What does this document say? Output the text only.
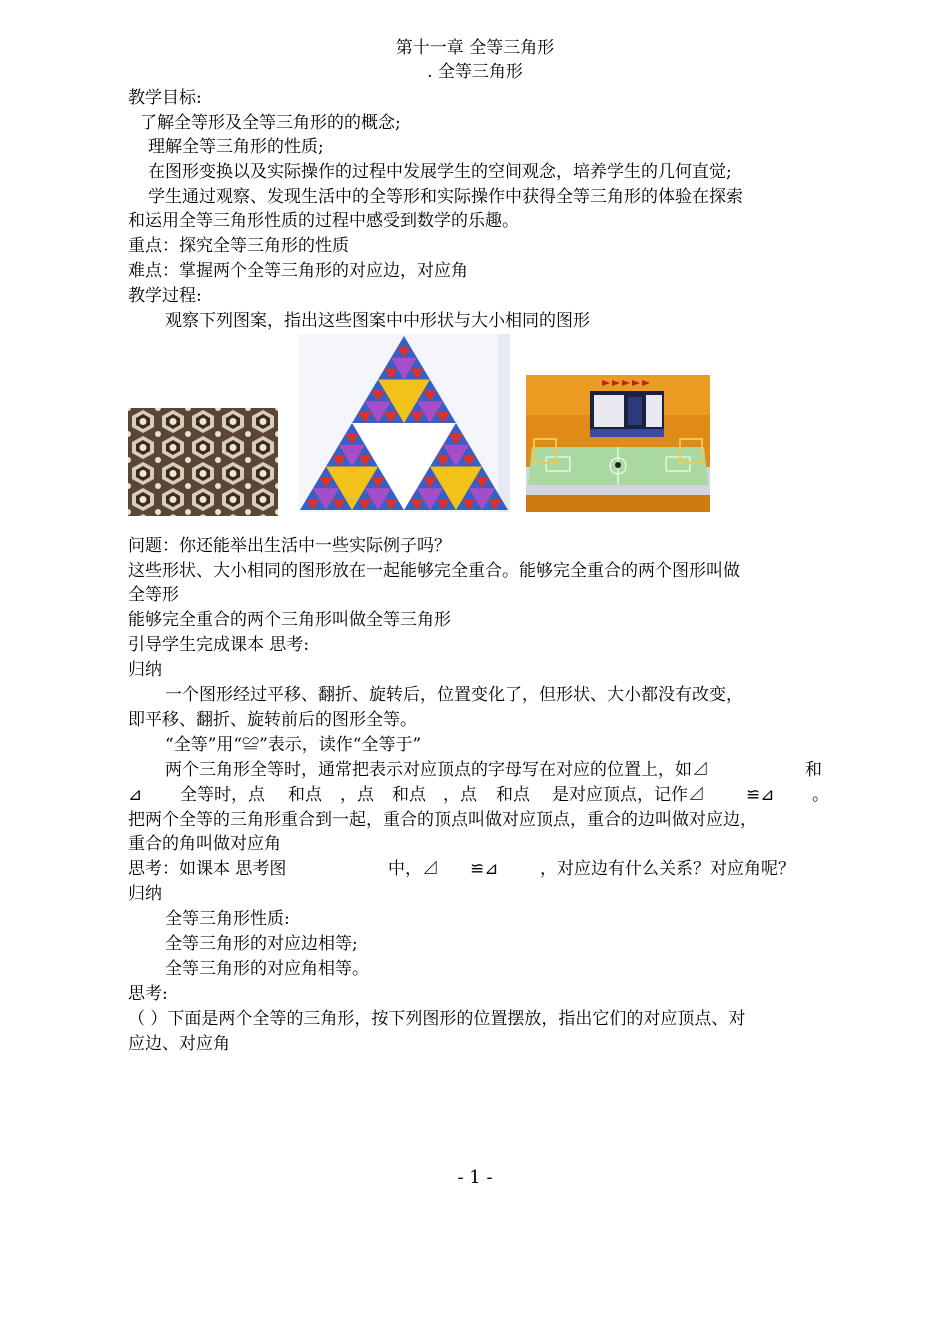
第十一章 全等三角形
. 全等三角形
教学目标:
了解全等形及全等三角形的的概念;
理解全等三角形的性质;
在图形变换以及实际操作的过程中发展学生的空间观念，培养学生的几何直觉;
学生通过观察、发现生活中的全等形和实际操作中获得全等三角形的体验在探索
和运用全等三角形性质的过程中感受到数学的乐趣。
重点：探究全等三角形的性质
难点：掌握两个全等三角形的对应边，对应角
教学过程:
观察下列图案，指出这些图案中中形状与大小相同的图形
问题：你还能举出生活中一些实际例子吗？
这些形状、大小相同的图形放在一起能够完全重合。能够完全重合的两个图形叫做
全等形
能够完全重合的两个三角形叫做全等三角形
引导学生完成课本 思考:
归纳
一个图形经过平移、翻折、旋转后，位置变化了，但形状、大小都没有改变，
即平移、翻折、旋转前后的图形全等。
“全等”用“≌”表示，读作“全等于”
两个三角形全等时，通常把表示对应顶点的字母写在对应的位置上，如⊿	和
⊿ 全等时，点 和点 ，点 和点 ，点 和点 是对应顶点，记作⊿ ≌⊿ 。
把两个全等的三角形重合到一起，重合的顶点叫做对应顶点，重合的边叫做对应边，
重合的角叫做对应角
思考：如课本 思考图	中，⊿ ≌⊿ ，对应边有什么关系？对应角呢？
归纳
全等三角形性质:
全等三角形的对应边相等;
全等三角形的对应角相等。
思考:
（ ）下面是两个全等的三角形，按下列图形的位置摆放，指出它们的对应顶点、对
应边、对应角
- 1 -
